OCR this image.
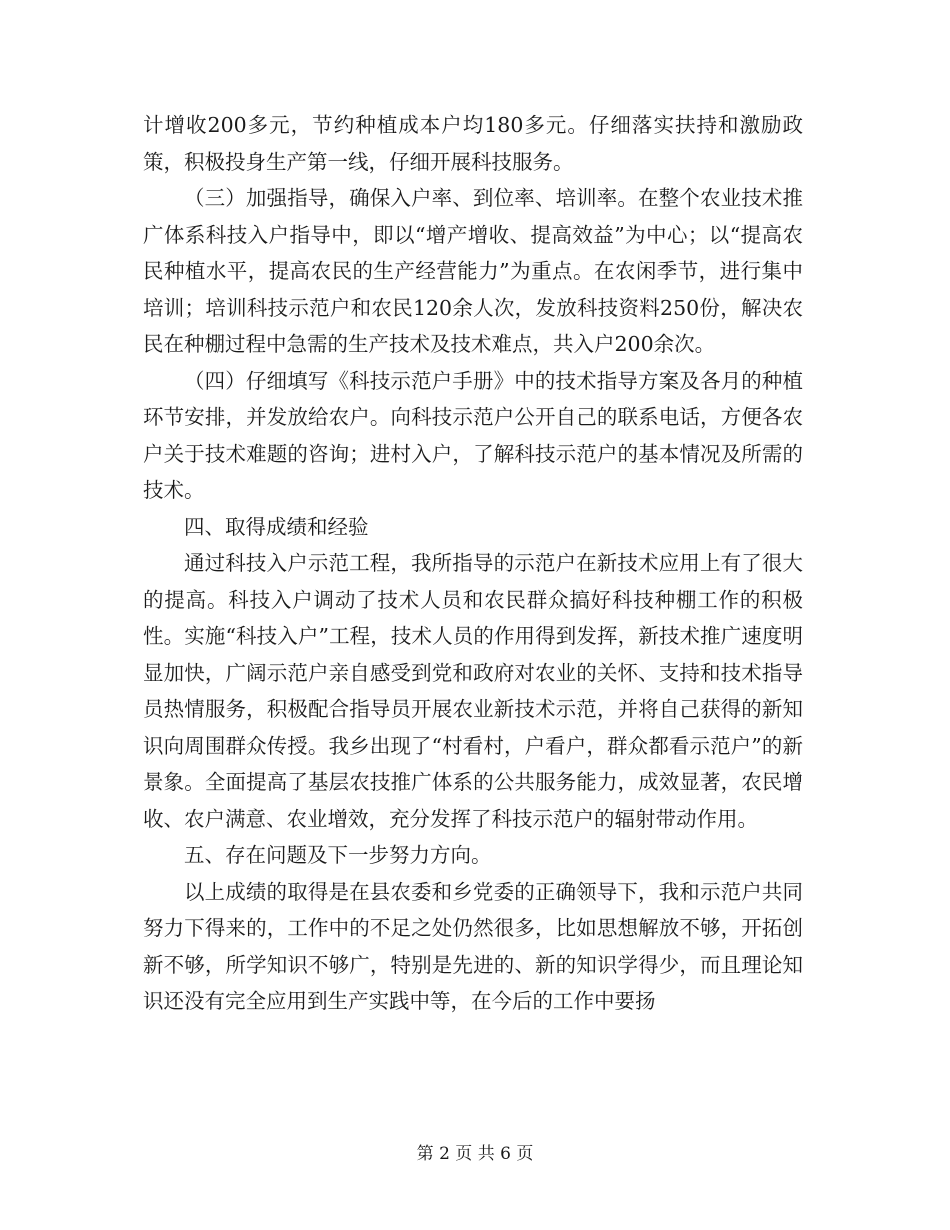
计增收200多元，节约种植成本户均180多元。仔细落实扶持和激励政策，积极投身生产第一线，仔细开展科技服务。

（三）加强指导，确保入户率、到位率、培训率。在整个农业技术推广体系科技入户指导中，即以“增产增收、提高效益”为中心；以“提高农民种植水平，提高农民的生产经营能力”为重点。在农闲季节，进行集中培训；培训科技示范户和农民120余人次，发放科技资料250份，解决农民在种棚过程中急需的生产技术及技术难点，共入户200余次。

（四）仔细填写《科技示范户手册》中的技术指导方案及各月的种植环节安排，并发放给农户。向科技示范户公开自己的联系电话，方便各农户关于技术难题的咨询；进村入户，了解科技示范户的基本情况及所需的技术。

四、取得成绩和经验

通过科技入户示范工程，我所指导的示范户在新技术应用上有了很大的提高。科技入户调动了技术人员和农民群众搞好科技种棚工作的积极性。实施“科技入户”工程，技术人员的作用得到发挥，新技术推广速度明显加快，广阔示范户亲自感受到党和政府对农业的关怀、支持和技术指导员热情服务，积极配合指导员开展农业新技术示范，并将自己获得的新知识向周围群众传授。我乡出现了“村看村，户看户，群众都看示范户”的新景象。全面提高了基层农技推广体系的公共服务能力，成效显著，农民增收、农户满意、农业增效，充分发挥了科技示范户的辐射带动作用。

五、存在问题及下一步努力方向。

以上成绩的取得是在县农委和乡党委的正确领导下，我和示范户共同努力下得来的，工作中的不足之处仍然很多，比如思想解放不够，开拓创新不够，所学知识不够广，特别是先进的、新的知识学得少，而且理论知识还没有完全应用到生产实践中等，在今后的工作中要扬

第 2 页 共 6 页
